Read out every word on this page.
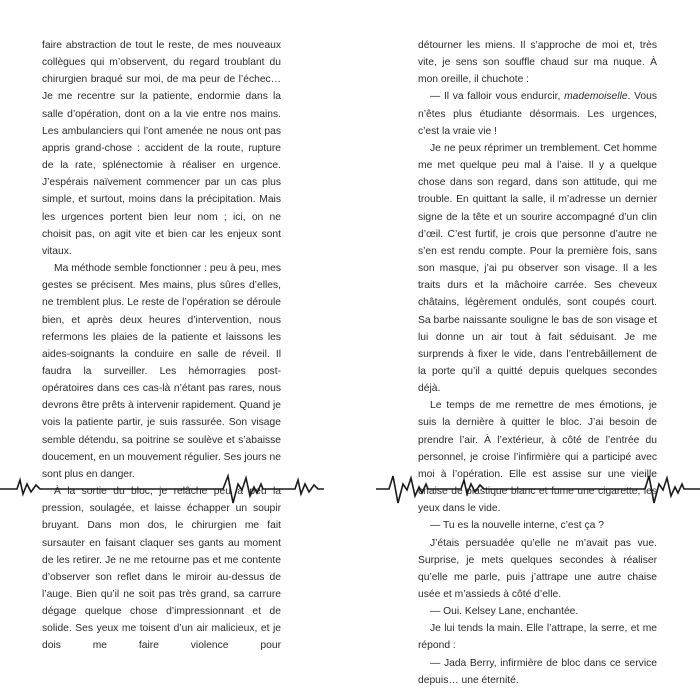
faire abstraction de tout le reste, de mes nouveaux collègues qui m’observent, du regard troublant du chirurgien braqué sur moi, de ma peur de l’échec… Je me recentre sur la patiente, endormie dans la salle d’opération, dont on a la vie entre nos mains. Les ambulanciers qui l’ont amenée ne nous ont pas appris grand-chose : accident de la route, rupture de la rate, splénectomie à réaliser en urgence. J’espérais naïvement commencer par un cas plus simple, et surtout, moins dans la précipitation. Mais les urgences portent bien leur nom ; ici, on ne choisit pas, on agit vite et bien car les enjeux sont vitaux.

Ma méthode semble fonctionner : peu à peu, mes gestes se précisent. Mes mains, plus sûres d’elles, ne tremblent plus. Le reste de l’opération se déroule bien, et après deux heures d’intervention, nous refermons les plaies de la patiente et laissons les aides-soignants la conduire en salle de réveil. Il faudra la surveiller. Les hémorragies post-opératoires dans ces cas-là n’étant pas rares, nous devrons être prêts à intervenir rapidement. Quand je vois la patiente partir, je suis rassurée. Son visage semble détendu, sa poitrine se soulève et s’abaisse doucement, en un mouvement régulier. Ses jours ne sont plus en danger.

À la sortie du bloc, je relâche peu à peu la pression, soulagée, et laisse échapper un soupir bruyant. Dans mon dos, le chirurgien me fait sursauter en faisant claquer ses gants au moment de les retirer. Je ne me retourne pas et me contente d’observer son reflet dans le miroir au-dessus de l’auge. Bien qu’il ne soit pas très grand, sa carrure dégage quelque chose d’impressionnant et de solide. Ses yeux me toisent d’un air malicieux, et je dois me faire violence pour

détourner les miens. Il s’approche de moi et, très vite, je sens son souffle chaud sur ma nuque. À mon oreille, il chuchote :

— Il va falloir vous endurcir, mademoiselle. Vous n’êtes plus étudiante désormais. Les urgences, c’est la vraie vie !

Je ne peux réprimer un tremblement. Cet homme me met quelque peu mal à l’aise. Il y a quelque chose dans son regard, dans son attitude, qui me trouble. En quittant la salle, il m’adresse un dernier signe de la tête et un sourire accompagné d’un clin d’œil. C’est furtif, je crois que personne d’autre ne s’en est rendu compte. Pour la première fois, sans son masque, j’ai pu observer son visage. Il a les traits durs et la mâchoire carrée. Ses cheveux châtains, légèrement ondulés, sont coupés court. Sa barbe naissante souligne le bas de son visage et lui donne un air tout à fait séduisant. Je me surprends à fixer le vide, dans l’entrebâillement de la porte qu’il a quitté depuis quelques secondes déjà.

Le temps de me remettre de mes émotions, je suis la dernière à quitter le bloc. J’ai besoin de prendre l’air. À l’extérieur, à côté de l’entrée du personnel, je croise l’infirmière qui a participé avec moi à l’opération. Elle est assise sur une vieille chaise de plastique blanc et fume une cigarette, les yeux dans le vide.

— Tu es la nouvelle interne, c’est ça ?

J’étais persuadée qu’elle ne m’avait pas vue. Surprise, je mets quelques secondes à réaliser qu’elle me parle, puis j’attrape une autre chaise usée et m’assieds à côté d’elle.

— Oui. Kelsey Lane, enchantée.

Je lui tends la main. Elle l’attrape, la serre, et me répond :

— Jada Berry, infirmière de bloc dans ce service depuis… une éternité.
